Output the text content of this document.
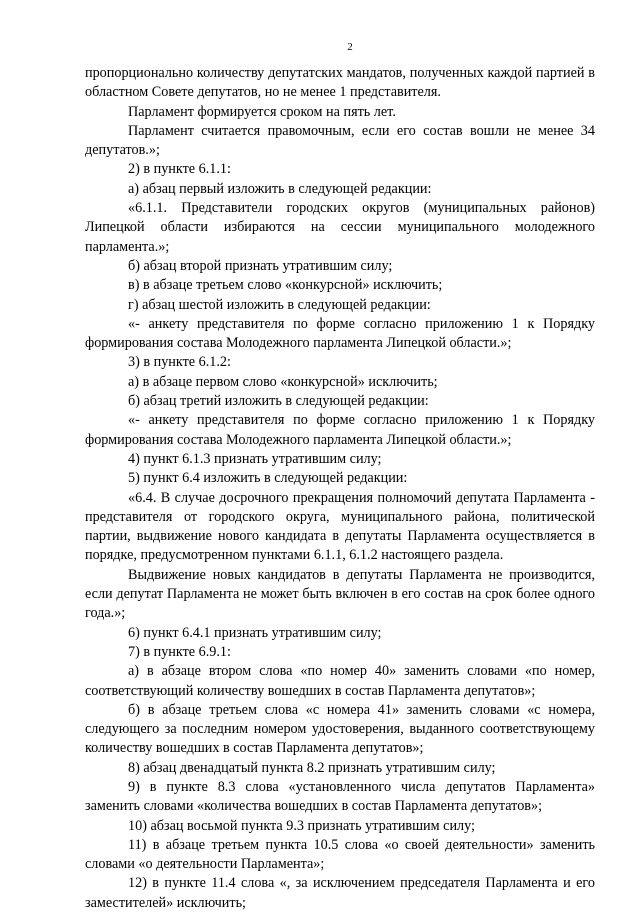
2

пропорционально количеству депутатских мандатов, полученных каждой партией в областном Совете депутатов, но не менее 1 представителя.

Парламент формируется сроком на пять лет.

Парламент считается правомочным, если его состав вошли не менее 34 депутатов.»;

2) в пункте 6.1.1:

а) абзац первый изложить в следующей редакции:

«6.1.1. Представители городских округов (муниципальных районов) Липецкой области избираются на сессии муниципального молодежного парламента.»;

б) абзац второй признать утратившим силу;

в) в абзаце третьем слово «конкурсной» исключить;

г) абзац шестой изложить в следующей редакции:

«- анкету представителя по форме согласно приложению 1 к Порядку формирования состава Молодежного парламента Липецкой области.»;

3) в пункте 6.1.2:

а) в абзаце первом слово «конкурсной» исключить;

б) абзац третий изложить в следующей редакции:

«- анкету представителя по форме согласно приложению 1 к Порядку формирования состава Молодежного парламента Липецкой области.»;

4) пункт 6.1.3 признать утратившим силу;

5) пункт 6.4 изложить в следующей редакции:

«6.4. В случае досрочного прекращения полномочий депутата Парламента - представителя от городского округа, муниципального района, политической партии, выдвижение нового кандидата в депутаты Парламента осуществляется в порядке, предусмотренном пунктами 6.1.1, 6.1.2 настоящего раздела.

Выдвижение новых кандидатов в депутаты Парламента не производится, если депутат Парламента не может быть включен в его состав на срок более одного года.»;

6) пункт 6.4.1 признать утратившим силу;

7) в пункте 6.9.1:

а) в абзаце втором слова «по номер 40» заменить словами «по номер, соответствующий количеству вошедших в состав Парламента депутатов»;

б) в абзаце третьем слова «с номера 41» заменить словами «с номера, следующего за последним номером удостоверения, выданного соответствующему количеству вошедших в состав Парламента депутатов»;

8) абзац двенадцатый пункта 8.2 признать утратившим силу;

9) в пункте 8.3 слова «установленного числа депутатов Парламента» заменить словами «количества вошедших в состав Парламента депутатов»;

10) абзац восьмой пункта 9.3 признать утратившим силу;

11) в абзаце третьем пункта 10.5 слова «о своей деятельности» заменить словами «о деятельности Парламента»;

12) в пункте 11.4 слова «, за исключением председателя Парламента и его заместителей» исключить;
